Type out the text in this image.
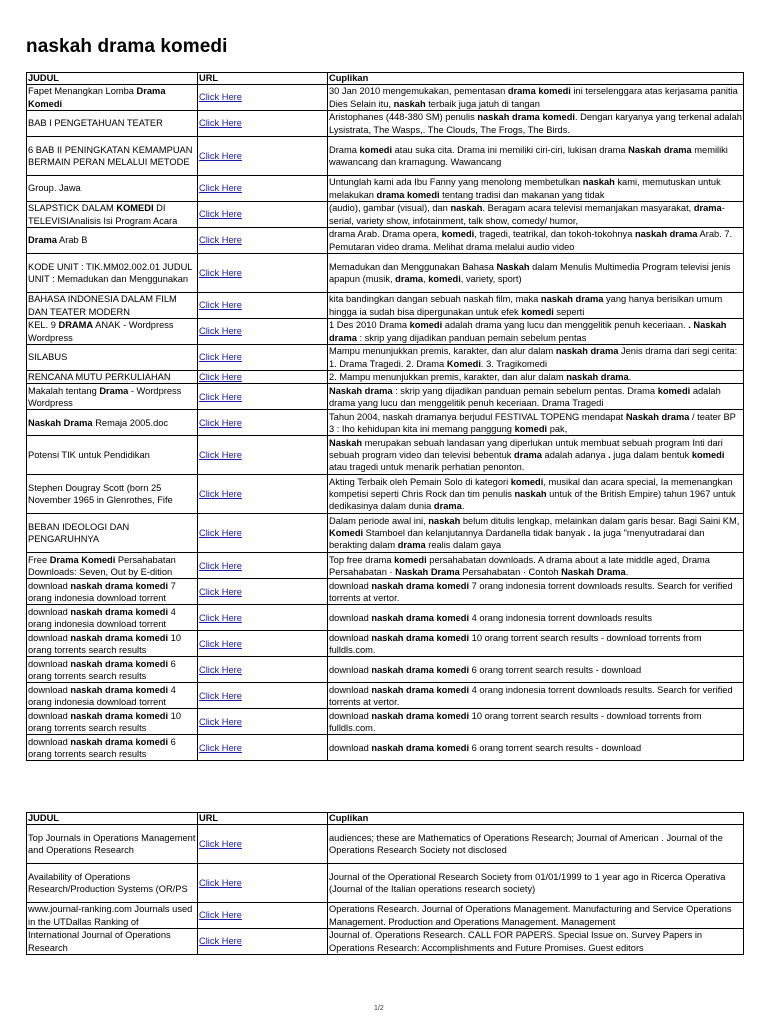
naskah drama komedi
JUDUL	URL	Cuplikan
Fapet Menangkan Lomba Drama Komedi	Click Here	30 Jan 2010 mengemukakan, pementasan drama komedi ini terselenggara atas kerjasama panitia Dies Selain itu, naskah terbaik juga jatuh di tangan
BAB I PENGETAHUAN TEATER	Click Here	Aristophanes (448-380 SM) penulis naskah drama komedi. Dengan karyanya yang terkenal adalah Lysistrata, The Wasps,. The Clouds, The Frogs, The Birds.
6 BAB II PENINGKATAN KEMAMPUAN BERMAIN PERAN MELALUI METODE	Click Here	Drama komedi atau suka cita. Drama ini memiliki ciri-ciri, lukisan drama Naskah drama memiliki wawancang dan kramagung. Wawancang
Group. Jawa	Click Here	Untunglah kami ada Ibu Fanny yang menolong membetulkan naskah kami, memutuskan untuk melakukan drama komedi tentang tradisi dan makanan yang tidak
SLAPSTICK DALAM KOMEDI DI TELEVISIAnalisis Isi Program Acara	Click Here	(audio), gambar (visual), dan naskah. Beragam acara televisi memanjakan masyarakat, drama-serial, variety show, infotainment, talk show, comedy/ humor,
Drama Arab B	Click Here	drama Arab. Drama opera, komedi, tragedi, teatrikal, dan tokoh-tokohnya naskah drama Arab. 7. Pemutaran video drama. Melihat drama melalui audio video
KODE UNIT : TIK.MM02.002.01 JUDUL UNIT : Memadukan dan Menggunakan	Click Here	Memadukan dan Menggunakan Bahasa Naskah dalam Menulis Multimedia Program televisi jenis apapun (musik, drama, komedi, variety, sport)
BAHASA INDONESIA DALAM FILM DAN TEATER MODERN	Click Here	kita bandingkan dangan sebuah naskah film, maka naskah drama yang hanya berisikan umum hingga ia sudah bisa dipergunakan untuk efek komedi seperti
KEL. 9 DRAMA ANAK - Wordpress Wordpress	Click Here	1 Des 2010 Drama komedi adalah drama yang lucu dan menggelitik penuh keceriaan. . Naskah drama : skrip yang dijadikan panduan pemain sebelum pentas
SILABUS	Click Here	Mampu menunjukkan premis, karakter, dan alur dalam naskah drama Jenis drama dari segi cerita: 1. Drama Tragedi. 2. Drama Komedi. 3. Tragikomedi
RENCANA MUTU PERKULIAHAN	Click Here	2. Mampu menunjukkan premis, karakter, dan alur dalam naskah drama.
Makalah tentang Drama - Wordpress Wordpress	Click Here	Naskah drama : skrip yang dijadikan panduan pemain sebelum pentas. Drama komedi adalah drama yang lucu dan menggelitik penuh keceriaan. Drama Tragedi
Naskah Drama Remaja 2005.doc	Click Here	Tahun 2004, naskah dramanya berjudul FESTIVAL TOPENG mendapat Naskah drama / teater BP 3 : Iho kehidupan kita ini memang panggung komedi pak,
Potensi TIK untuk Pendidikan	Click Here	Naskah merupakan sebuah landasan yang diperlukan untuk membuat sebuah program Inti dari sebuah program video dan televisi bebentuk drama adalah adanya . juga dalam bentuk komedi atau tragedi untuk menarik perhatian penonton.
Stephen Dougray Scott (born 25 November 1965 in Glenrothes, Fife	Click Here	Akting Terbaik oleh Pemain Solo di kategori komedi, musikal dan acara special, Ia memenangkan kompetisi seperti Chris Rock dan tim penulis naskah untuk of the British Empire) tahun 1967 untuk dedikasinya dalam dunia drama.
BEBAN IDEOLOGI DAN PENGARUHNYA	Click Here	Dalam periode awal ini, naskah belum ditulis lengkap, melainkan dalam garis besar. Bagi Saini KM, Komedi Stamboel dan kelanjutannya Dardanella tidak banyak . Ia juga "menyutradarai dan berakting dalam drama realis dalam gaya
Free Drama Komedi Persahabatan Downloads: Seven, Out by E-dition	Click Here	Top free drama komedi persahabatan downloads. A drama about a late middle aged, Drama Persahabatan · Naskah Drama Persahabatan · Contoh Naskah Drama.
download naskah drama komedi 7 orang indonesia download torrent	Click Here	download naskah drama komedi 7 orang indonesia torrent downloads results. Search for verified torrents at vertor.
download naskah drama komedi 4 orang indonesia download torrent	Click Here	download naskah drama komedi 4 orang indonesia torrent downloads results
download naskah drama komedi 10 orang torrents search results	Click Here	download naskah drama komedi 10 orang torrent search results - download torrents from fulldls.com.
download naskah drama komedi 6 orang torrents search results	Click Here	download naskah drama komedi 6 orang torrent search results - download
download naskah drama komedi 4 orang indonesia download torrent	Click Here	download naskah drama komedi 4 orang indonesia torrent downloads results. Search for verified torrents at vertor.
download naskah drama komedi 10 orang torrents search results	Click Here	download naskah drama komedi 10 orang torrent search results - download torrents from fulldls.com.
download naskah drama komedi 6 orang torrents search results	Click Here	download naskah drama komedi 6 orang torrent search results - download
JUDUL	URL	Cuplikan
Top Journals in Operations Management and Operations Research	Click Here	audiences; these are Mathematics of Operations Research; Journal of American . Journal of the Operations Research Society not disclosed
Availability of Operations Research/Production Systems (OR/PS	Click Here	Journal of the Operational Research Society from 01/01/1999 to 1 year ago in Ricerca Operativa (Journal of the Italian operations research society)
www.journal-ranking.com Journals used in the UTDallas Ranking of	Click Here	Operations Research. Journal of Operations Management. Manufacturing and Service Operations Management. Production and Operations Management. Management
International Journal of Operations Research	Click Here	Journal of. Operations Research. CALL FOR PAPERS. Special Issue on. Survey Papers in Operations Research: Accomplishments and Future Promises. Guest editors
1/2
